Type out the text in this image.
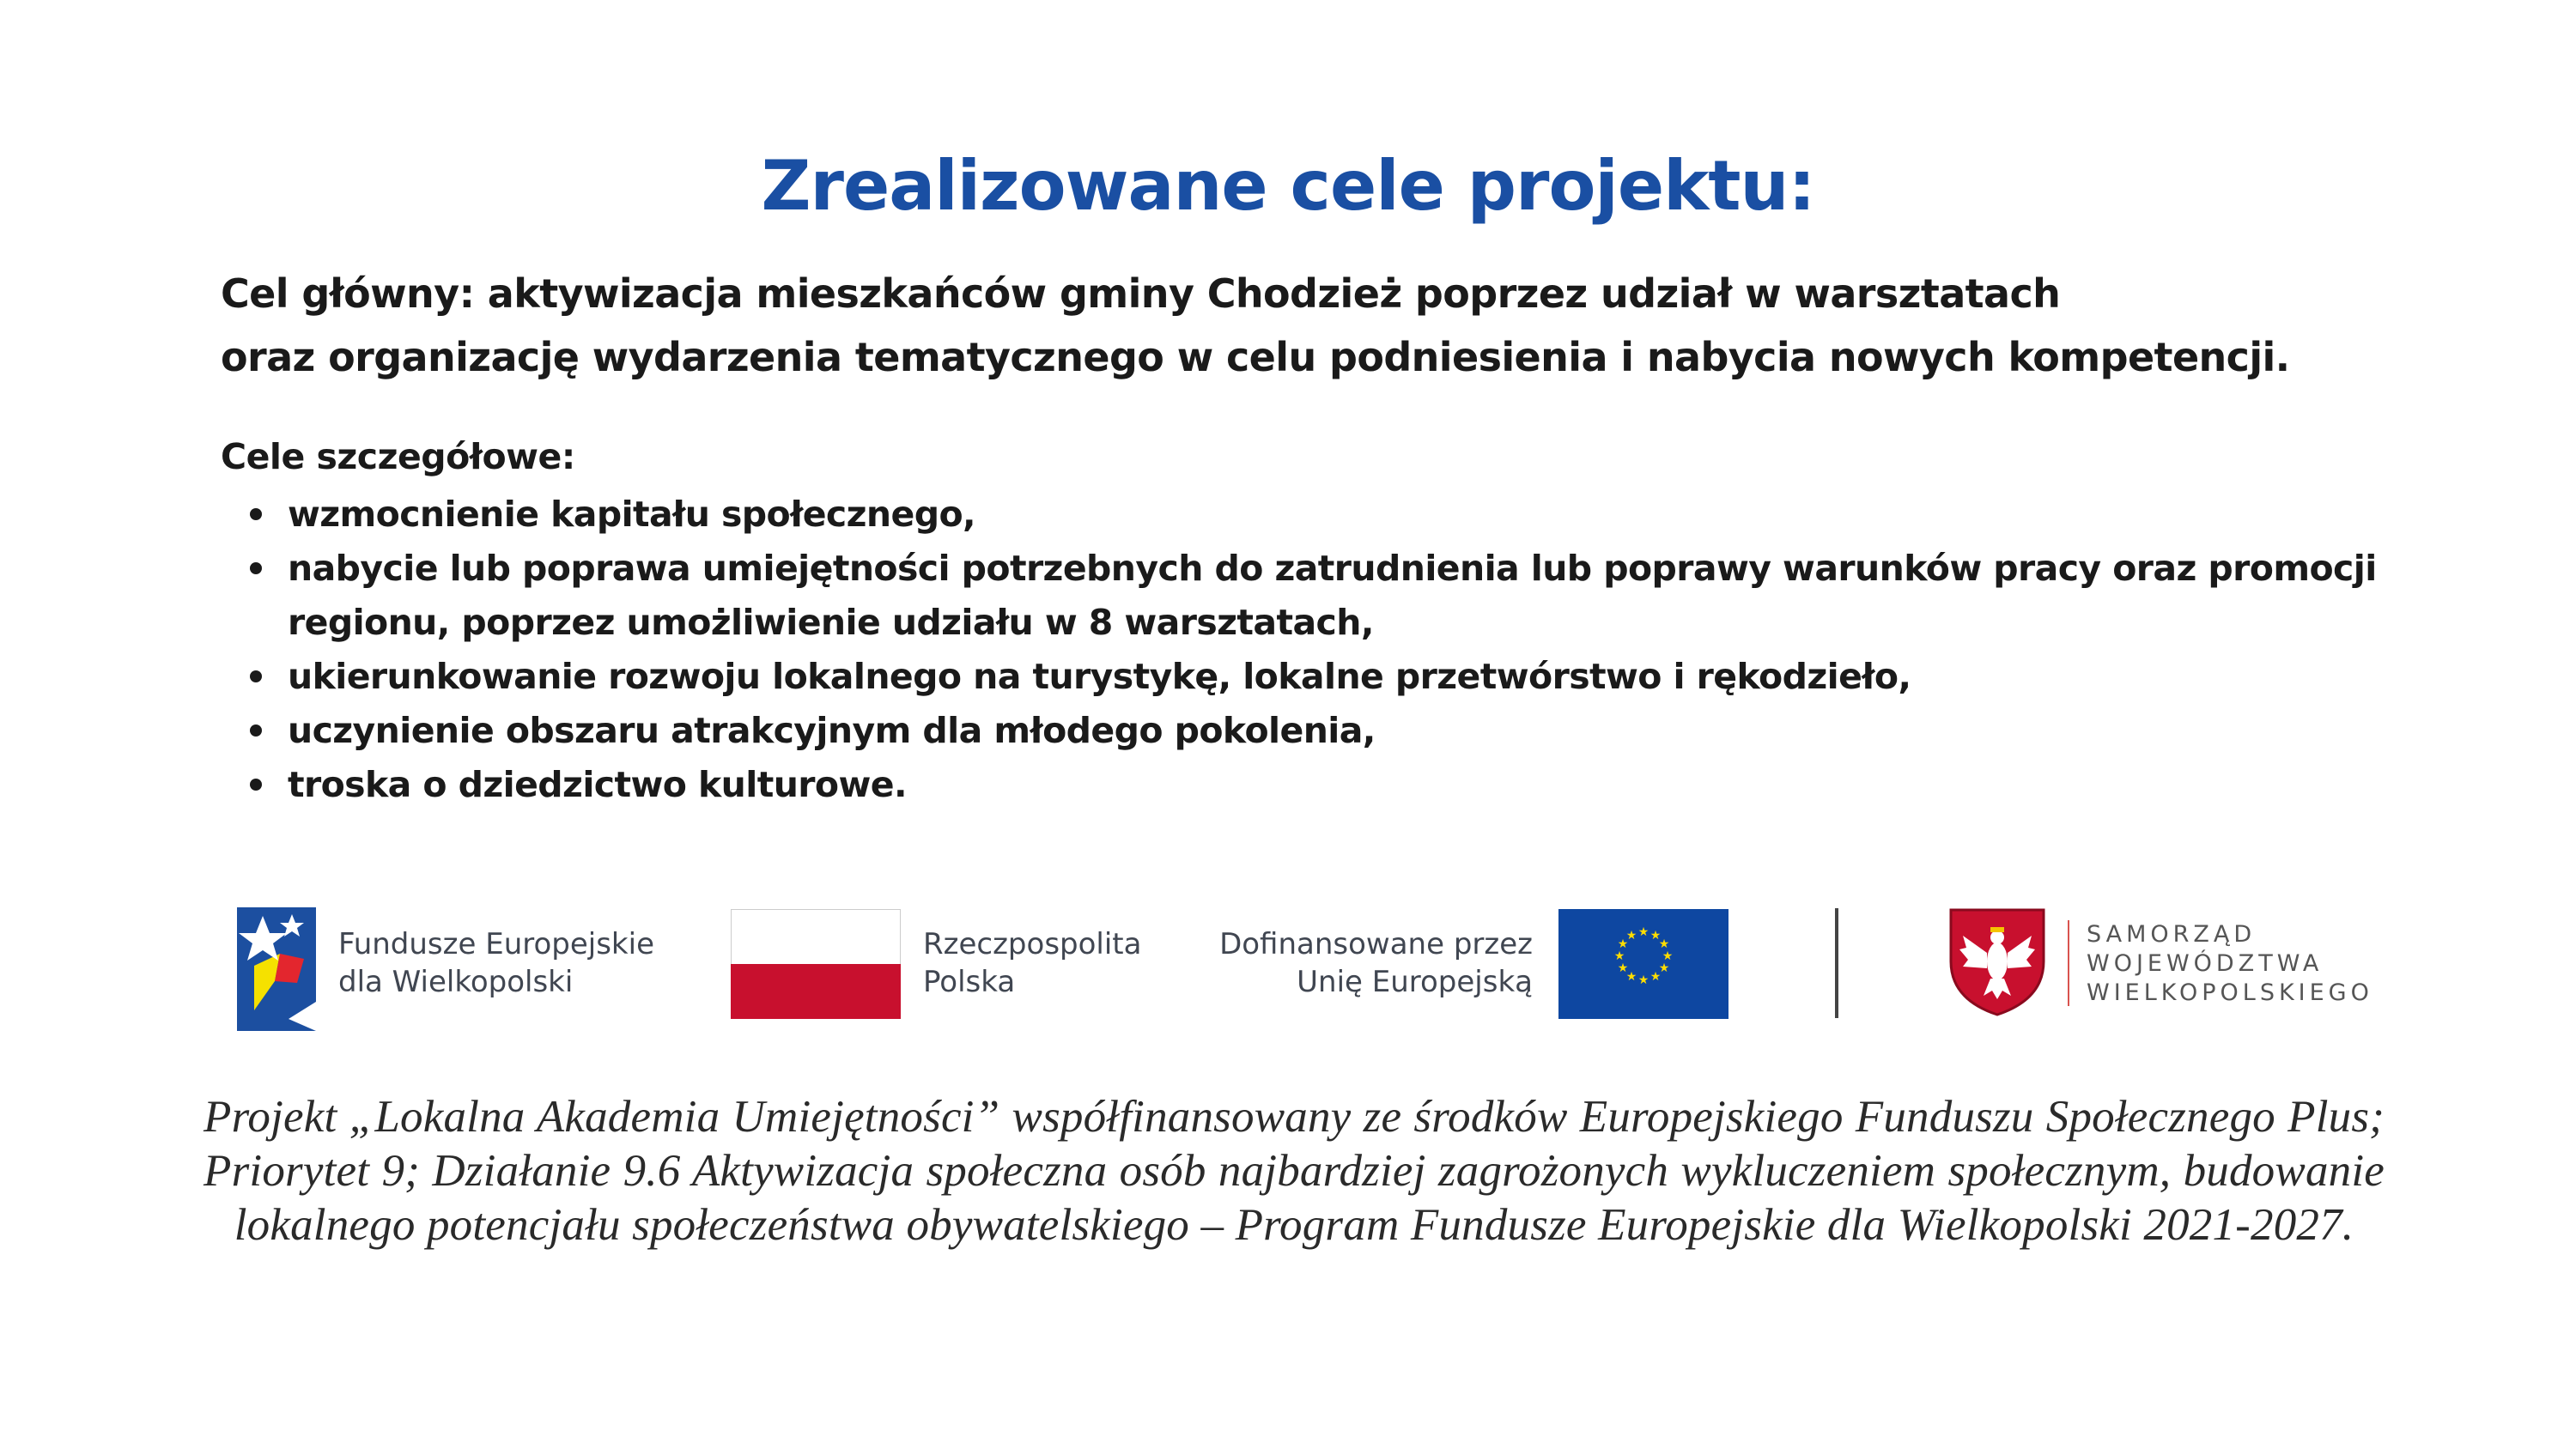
Zrealizowane cele projektu:

Cel główny: aktywizacja mieszkańców gminy Chodzież poprzez udział w warsztatach
oraz organizację wydarzenia tematycznego w celu podniesienia i nabycia nowych kompetencji.

Cele szczegółowe:

wzmocnienie kapitału społecznego,
nabycie lub poprawa umiejętności potrzebnych do zatrudnienia lub poprawy warunków pracy oraz promocji regionu, poprzez umożliwienie udziału w 8 warsztatach,
ukierunkowanie rozwoju lokalnego na turystykę, lokalne przetwórstwo i rękodzieło,
uczynienie obszaru atrakcyjnym dla młodego pokolenia,
troska o dziedzictwo kulturowe.
Fundusze Europejskie
dla Wielkopolski
Rzeczpospolita
Polska
Dofinansowane przez
Unię Europejską
★ ★
★
★
★
★
★
★
★
★
★
★	SAMORZĄD
WOJEWÓDZTWA
WIELKOPOLSKIEGO

Projekt „Lokalna Akademia Umiejętności” współfinansowany ze środków Europejskiego Funduszu Społecznego Plus; Priorytet 9; Działanie 9.6 Aktywizacja społeczna osób najbardziej zagrożonych wykluczeniem społecznym, budowanie lokalnego potencjału społeczeństwa obywatelskiego – Program Fundusze Europejskie dla Wielkopolski 2021-2027.
